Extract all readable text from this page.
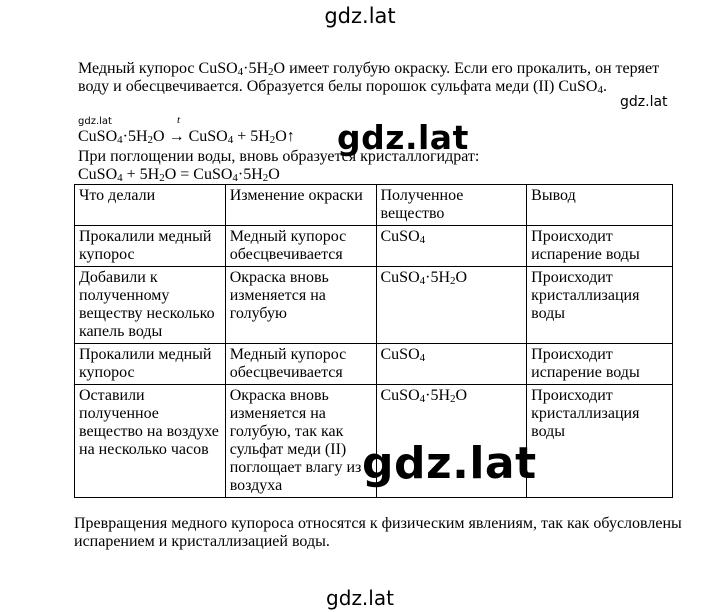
gdz.lat
gdz.lat
gdz.lat
gdz.lat
gdz.lat
gdz.lat
Медный купорос $CuSO_4\cdot 5H_2O$ имеет голубую окраску. Если его прокалить, он теряет воду и обесцвечивается. Образуется белы порошок сульфата меди (II) CuSO$_4$.
t
$CuSO_4\cdot 5H_2O$ → CuSO$_4$ + $5H_2O↑$
При поглощении воды, вновь образуется кристаллогидрат:
CuSO$_4$ + $5H_2O$ = $CuSO_4\cdot 5H_2O$
Что делали	Изменение окраски	Полученное вещество	Вывод
Прокалили медный купорос	Медный купорос обесцвечивается	CuSO$_4$	Происходит испарение воды
Добавили к полученному веществу несколько капель воды	Окраска вновь изменяется на голубую	$CuSO_4\cdot 5H_2O$	Происходит кристаллизация воды
Прокалили медный купорос	Медный купорос обесцвечивается	CuSO$_4$	Происходит испарение воды
Оставили полученное вещество на воздухе на несколько часов	Окраска вновь изменяется на голубую, так как сульфат меди (II) поглощает влагу из воздуха	$CuSO_4\cdot 5H_2O$	Происходит кристаллизация воды
Превращения медного купороса относятся к физическим явлениям, так как обусловлены испарением и кристаллизацией воды.
